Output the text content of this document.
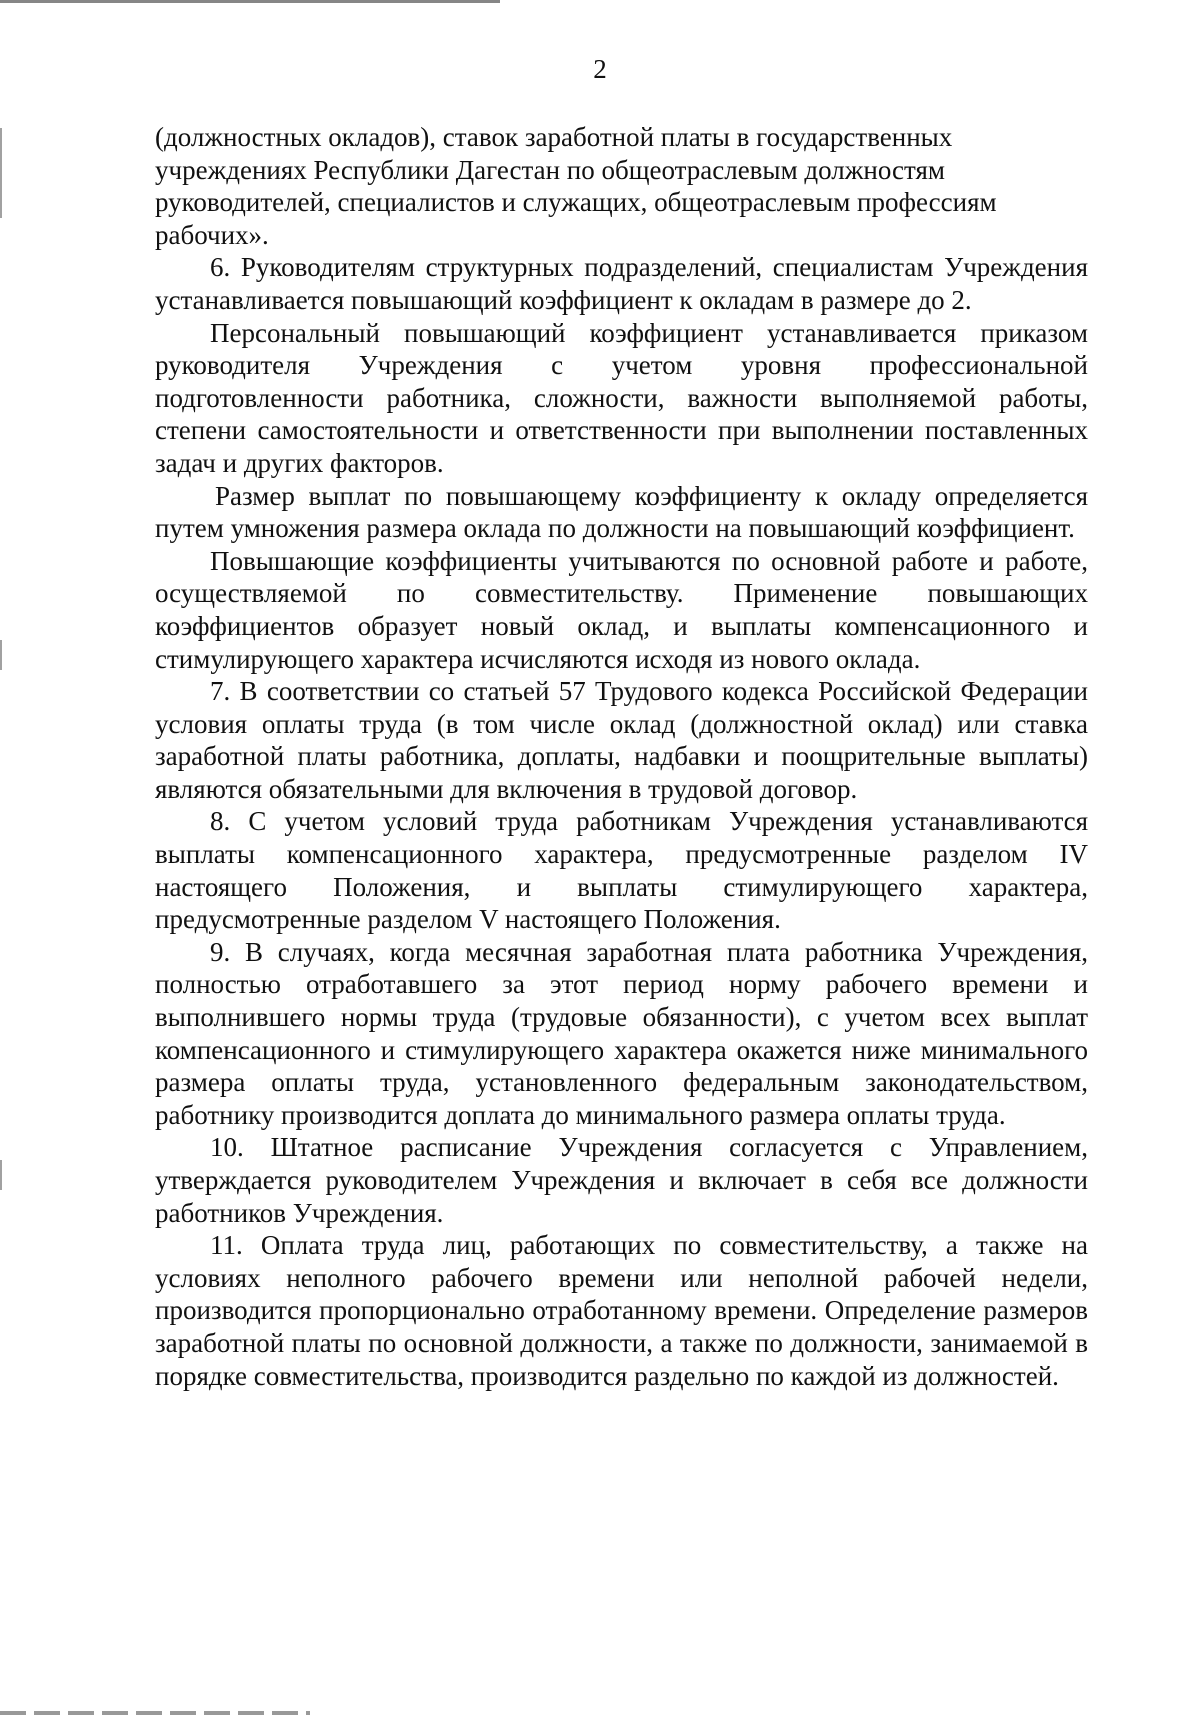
2

(должностных окладов), ставок заработной платы в государственных учреждениях Республики Дагестан по общеотраслевым должностям руководителей, специалистов и служащих, общеотраслевым профессиям рабочих».

6. Руководителям структурных подразделений, специалистам Учреждения устанавливается повышающий коэффициент к окладам в размере до 2.

Персональный повышающий коэффициент устанавливается приказом руководителя Учреждения с учетом уровня профессиональной подготовленности работника, сложности, важности выполняемой работы, степени самостоятельности и ответственности при выполнении поставленных задач и других факторов.

Размер выплат по повышающему коэффициенту к окладу определяется путем умножения размера оклада по должности на повышающий коэффициент.

Повышающие коэффициенты учитываются по основной работе и работе, осуществляемой по совместительству. Применение повышающих коэффициентов образует новый оклад, и выплаты компенсационного и стимулирующего характера исчисляются исходя из нового оклада.

7. В соответствии со статьей 57 Трудового кодекса Российской Федерации условия оплаты труда (в том числе оклад (должностной оклад) или ставка заработной платы работника, доплаты, надбавки и поощрительные выплаты) являются обязательными для включения в трудовой договор.

8. С учетом условий труда работникам Учреждения устанавливаются выплаты компенсационного характера, предусмотренные разделом IV настоящего Положения, и выплаты стимулирующего характера, предусмотренные разделом V настоящего Положения.

9. В случаях, когда месячная заработная плата работника Учреждения, полностью отработавшего за этот период норму рабочего времени и выполнившего нормы труда (трудовые обязанности), с учетом всех выплат компенсационного и стимулирующего характера окажется ниже минимального размера оплаты труда, установленного федеральным законодательством, работнику производится доплата до минимального размера оплаты труда.

10. Штатное расписание Учреждения согласуется с Управлением, утверждается руководителем Учреждения и включает в себя все должности работников Учреждения.

11. Оплата труда лиц, работающих по совместительству, а также на условиях неполного рабочего времени или неполной рабочей недели, производится пропорционально отработанному времени. Определение размеров заработной платы по основной должности, а также по должности, занимаемой в порядке совместительства, производится раздельно по каждой из должностей.
